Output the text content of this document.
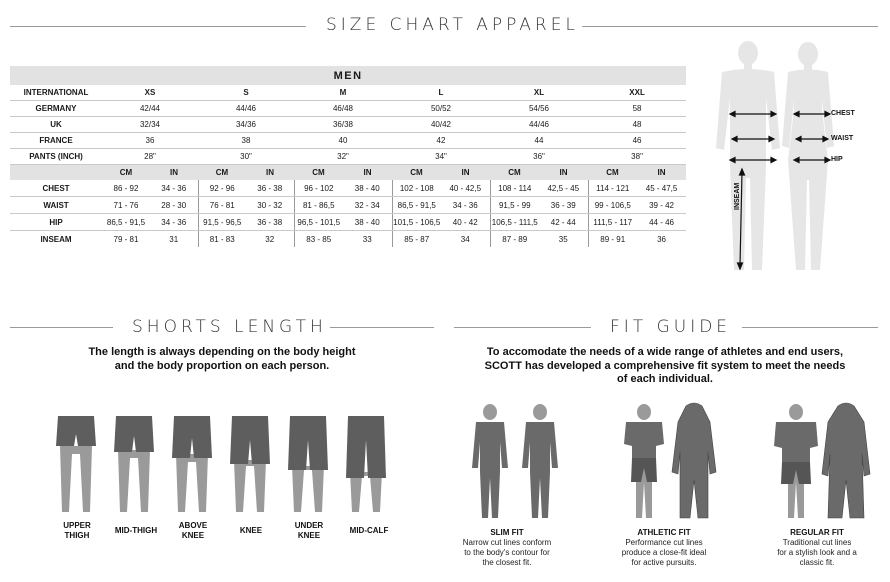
SIZE CHART APPAREL
MEN												
INTERNATIONAL	XS		S		M		L		XL		XXL	
GERMANY	42/44		44/46		46/48		50/52		54/56		58	
UK	32/34		34/36		36/38		40/42		44/46		48	
FRANCE	36		38		40		42		44		46	
PANTS (INCH)	28"		30"		32"		34"		36"		38"	
	CM	IN	CM	IN	CM	IN	CM	IN	CM	IN	CM	IN
CHEST	86 - 92	34 - 36	92 - 96	36 - 38	96 - 102	38 - 40	102 - 108	40 - 42,5	108 - 114	42,5 - 45	114 - 121	45 - 47,5
WAIST	71 - 76	28 - 30	76 - 81	30 - 32	81 - 86,5	32 - 34	86,5 - 91,5	34 - 36	91,5 - 99	36 - 39	99 - 106,5	39 - 42
HIP	86,5 - 91,5	34 - 36	91,5 - 96,5	36 - 38	96,5 - 101,5	38 - 40	101,5 - 106,5	40 - 42	106,5 - 111,5	42 - 44	111,5 - 117	44 - 46
INSEAM	79 - 81	31	81 - 83	32	83 - 85	33	85 - 87	34	87 - 89	35	89 - 91	36
CHEST
WAIST
HIP
INSEAM
SHORTS LENGTH
The length is always depending on the body height
and the body proportion on each person.
UPPER
THIGH
MID-THIGH
ABOVE
KNEE
KNEE
UNDER
KNEE
MID-CALF
FIT GUIDE
To accomodate the needs of a wide range of athletes and end users,
SCOTT has developed a comprehensive fit system to meet the needs
of each individual.
SLIM FIT
Narrow cut lines conform
to the body's contour for
the closest fit.
ATHLETIC FIT
Performance cut lines
produce a close-fit ideal
for active pursuits.
REGULAR FIT
Traditional cut lines
for a stylish look and a
classic fit.
